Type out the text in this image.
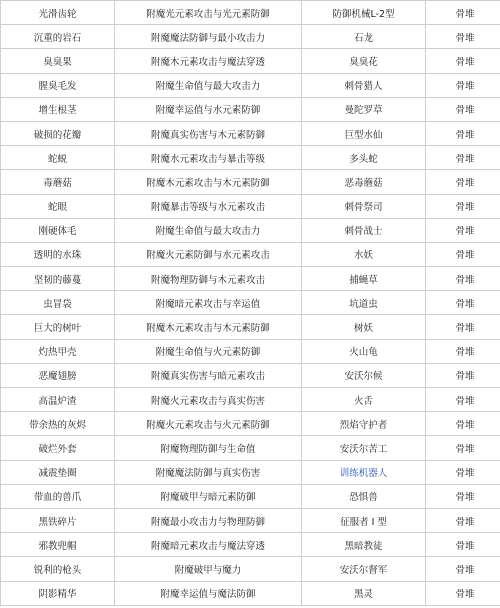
光滑齿轮	附魔光元素攻击与光元素防御	防御机械L-2型	骨堆
沉重的岩石	附魔魔法防御与最小攻击力	石龙	骨堆
臭臭果	附魔木元素攻击与魔法穿透	臭臭花	骨堆
腥臭毛发	附魔生命值与最大攻击力	刺骨猎人	骨堆
增生根茎	附魔幸运值与水元素防御	曼陀罗草	骨堆
破损的花瓣	附魔真实伤害与木元素防御	巨型水仙	骨堆
蛇蜕	附魔水元素攻击与暴击等级	多头蛇	骨堆
毒蘑菇	附魔木元素攻击与木元素防御	恶毒蘑菇	骨堆
蛇眼	附魔暴击等级与水元素攻击	刺骨祭司	骨堆
刚硬体毛	附魔生命值与最大攻击力	刺骨战士	骨堆
透明的水珠	附魔火元素防御与水元素攻击	水妖	骨堆
坚韧的藤蔓	附魔物理防御与木元素攻击	捕蝇草	骨堆
虫冒袋	附魔暗元素攻击与幸运值	坑道虫	骨堆
巨大的树叶	附魔木元素攻击与木元素防御	树妖	骨堆
灼热甲壳	附魔生命值与火元素防御	火山龟	骨堆
恶魔翅膀	附魔真实伤害与暗元素攻击	安沃尔候	骨堆
高温炉渣	附魔火元素攻击与真实伤害	火舌	骨堆
带余热的灰烬	附魔火元素攻击与火元素防御	烈焰守护者	骨堆
破烂外套	附魔物理防御与生命值	安沃尔苦工	骨堆
减震垫圈	附魔魔法防御与真实伤害	训练机器人	骨堆
带血的兽爪	附魔破甲与暗元素防御	恐惧兽	骨堆
黑铁碎片	附魔最小攻击力与物理防御	征服者 I 型	骨堆
邪教兜帽	附魔暗元素攻击与魔法穿透	黑暗教徒	骨堆
锐利的枪头	附魔破甲与魔力	安沃尔督军	骨堆
阴影精华	附魔幸运值与魔法防御	黑灵	骨堆
